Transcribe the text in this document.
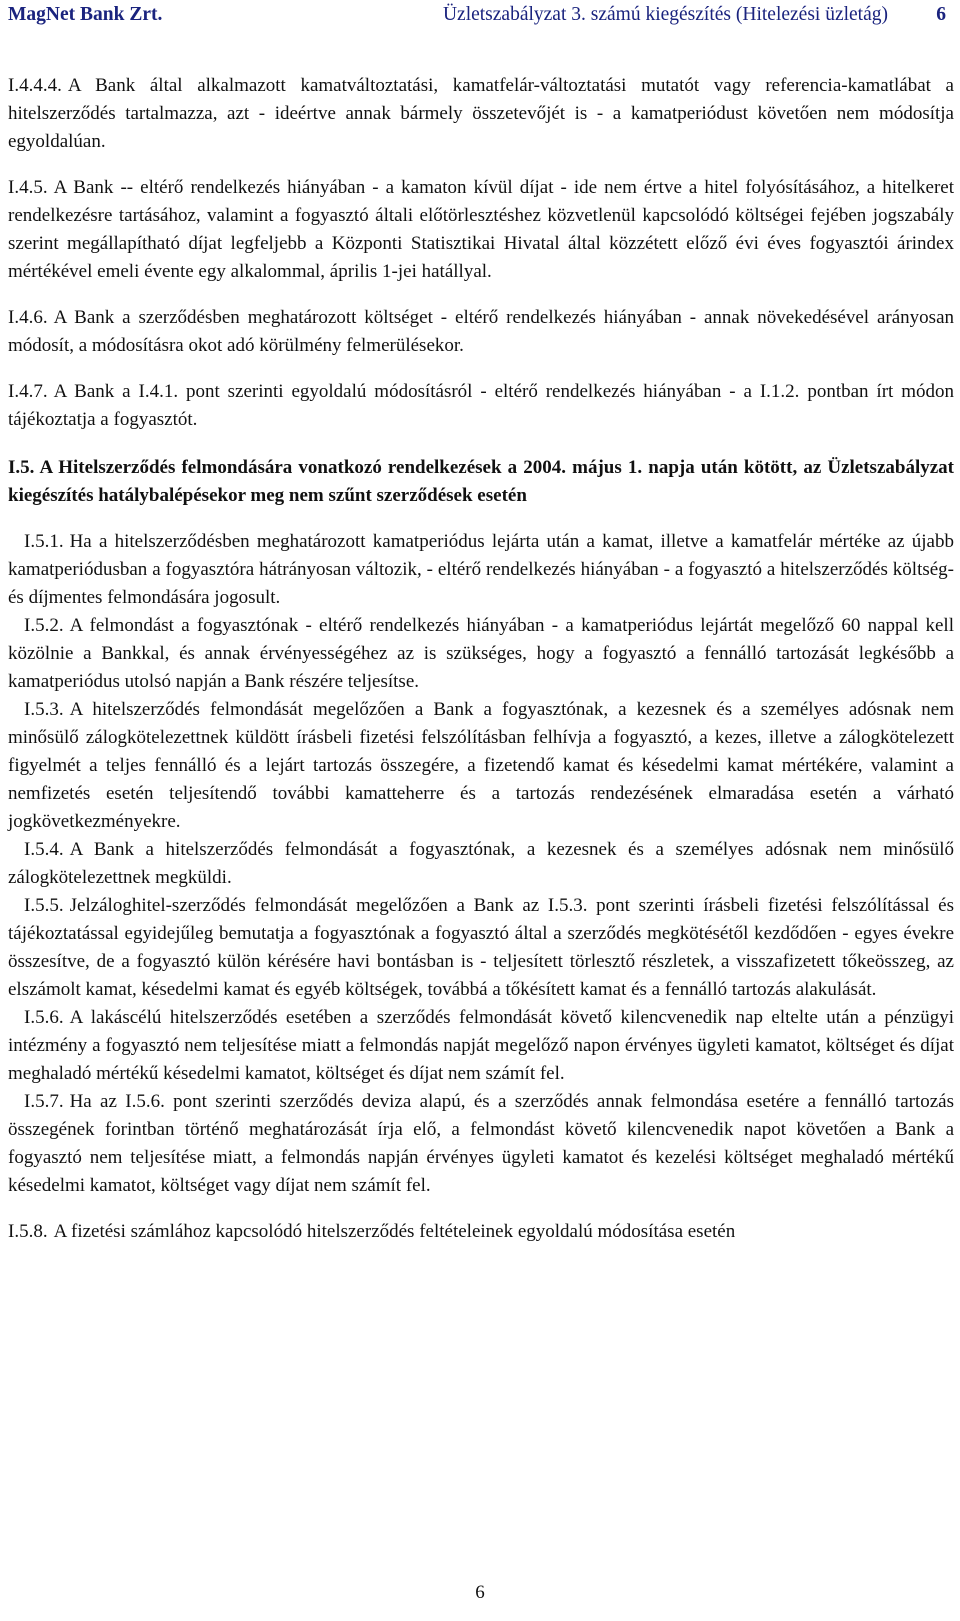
MagNet Bank Zrt.	Üzletszabályzat 3. számú kiegészítés (Hitelezési üzletág) 6

I.4.4.4. A Bank által alkalmazott kamatváltoztatási, kamatfelár-változtatási mutatót vagy referencia-kamatlábat a hitelszerződés tartalmazza, azt - ideértve annak bármely összetevőjét is - a kamatperiódust követően nem módosítja egyoldalúan.

I.4.5. A Bank -- eltérő rendelkezés hiányában - a kamaton kívül díjat - ide nem értve a hitel folyósításához, a hitelkeret rendelkezésre tartásához, valamint a fogyasztó általi előtörlesztéshez közvetlenül kapcsolódó költségei fejében jogszabály szerint megállapítható díjat legfeljebb a Központi Statisztikai Hivatal által közzétett előző évi éves fogyasztói árindex mértékével emeli évente egy alkalommal, április 1-jei hatállyal.

I.4.6. A Bank a szerződésben meghatározott költséget - eltérő rendelkezés hiányában - annak növekedésével arányosan módosít, a módosításra okot adó körülmény felmerülésekor.

I.4.7. A Bank a I.4.1. pont szerinti egyoldalú módosításról - eltérő rendelkezés hiányában - a I.1.2. pontban írt módon tájékoztatja a fogyasztót.

I.5. A Hitelszerződés felmondására vonatkozó rendelkezések a 2004. május 1. napja után kötött, az Üzletszabályzat kiegészítés hatálybalépésekor meg nem szűnt szerződések esetén

I.5.1. Ha a hitelszerződésben meghatározott kamatperiódus lejárta után a kamat, illetve a kamatfelár mértéke az újabb kamatperiódusban a fogyasztóra hátrányosan változik, - eltérő rendelkezés hiányában - a fogyasztó a hitelszerződés költség- és díjmentes felmondására jogosult.

I.5.2. A felmondást a fogyasztónak - eltérő rendelkezés hiányában - a kamatperiódus lejártát megelőző 60 nappal kell közölnie a Bankkal, és annak érvényességéhez az is szükséges, hogy a fogyasztó a fennálló tartozását legkésőbb a kamatperiódus utolsó napján a Bank részére teljesítse.

I.5.3. A hitelszerződés felmondását megelőzően a Bank a fogyasztónak, a kezesnek és a személyes adósnak nem minősülő zálogkötelezettnek küldött írásbeli fizetési felszólításban felhívja a fogyasztó, a kezes, illetve a zálogkötelezett figyelmét a teljes fennálló és a lejárt tartozás összegére, a fizetendő kamat és késedelmi kamat mértékére, valamint a nemfizetés esetén teljesítendő további kamatteherre és a tartozás rendezésének elmaradása esetén a várható jogkövetkezményekre.

I.5.4. A Bank a hitelszerződés felmondását a fogyasztónak, a kezesnek és a személyes adósnak nem minősülő zálogkötelezettnek megküldi.

I.5.5. Jelzáloghitel-szerződés felmondását megelőzően a Bank az I.5.3. pont szerinti írásbeli fizetési felszólítással és tájékoztatással egyidejűleg bemutatja a fogyasztónak a fogyasztó által a szerződés megkötésétől kezdődően - egyes évekre összesítve, de a fogyasztó külön kérésére havi bontásban is - teljesített törlesztő részletek, a visszafizetett tőkeösszeg, az elszámolt kamat, késedelmi kamat és egyéb költségek, továbbá a tőkésített kamat és a fennálló tartozás alakulását.

I.5.6. A lakáscélú hitelszerződés esetében a szerződés felmondását követő kilencvenedik nap eltelte után a pénzügyi intézmény a fogyasztó nem teljesítése miatt a felmondás napját megelőző napon érvényes ügyleti kamatot, költséget és díjat meghaladó mértékű késedelmi kamatot, költséget és díjat nem számít fel.

I.5.7. Ha az I.5.6. pont szerinti szerződés deviza alapú, és a szerződés annak felmondása esetére a fennálló tartozás összegének forintban történő meghatározását írja elő, a felmondást követő kilencvenedik napot követően a Bank a fogyasztó nem teljesítése miatt, a felmondás napján érvényes ügyleti kamatot és kezelési költséget meghaladó mértékű késedelmi kamatot, költséget vagy díjat nem számít fel.

I.5.8. A fizetési számlához kapcsolódó hitelszerződés feltételeinek egyoldalú módosítása esetén

6
